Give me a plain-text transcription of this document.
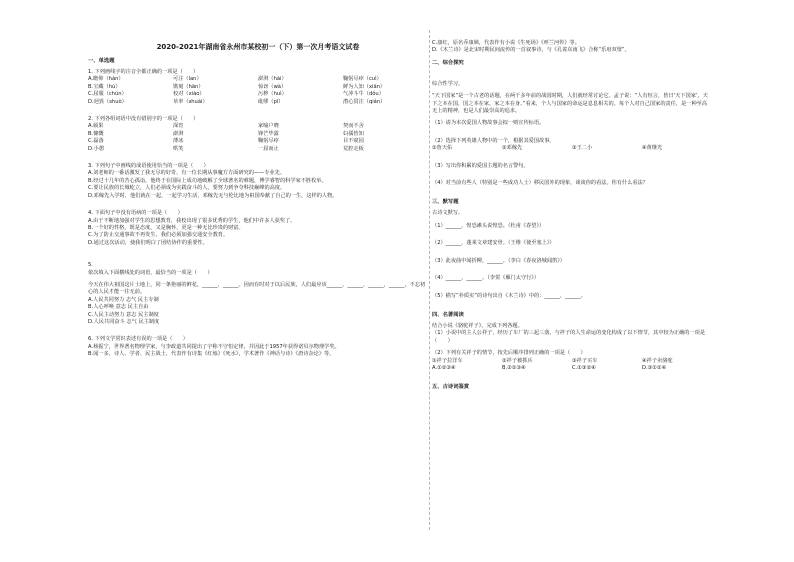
2020-2021年湖南省永州市某校初一（下）第一次月考语文试卷

一、单选题

1. 下列画线字的注音全都正确的一项是（　　）

A.瞻仰（hán）	可注（lan）	澎湃（hài）	鞠躬尽瘁（cuì）
B.宝藏（hú）	镌刻（hān）	惊讶（wà）	鲜为人知（xiān）
C.屈服（chún）	校对（xiào）	污秽（huì）	气冲斗牛（dǒu）
D.迥異（shuò）	草率（shuài）	纰缪（pī）	潜心贯注（qián）

2. 下列各组词语中没有错别字的一项是（　　）

A.硕果	深宵	家喻户晓	契而不舍
B.慷慨	澎湃	锋芒毕露	妇孺皆知
C.磊落	薄冰	鞠躬尽瘁	目不窥园
D.小憩	哄笑	一屈而止	荒腔走板

3. 下列句子中画线的成语使用恰当的一项是（　　）

A.刘老师的一番话激发了我无尽的好奇，有一位长期从事魔方方面研究的——专业先。

B.经过十几年的苦心孤诣，他终于在国际上成功地破解了全球著名的难题，博学睿智的科学家不胜枚举。

C.要让民族的长城屹立，人们必须成为实践奋斗的人，要努力到争夺科技巅峰的高度。

D.邓稼先入学时，他们就在一起，一起学习生活，邓稼先无与伦比地为祖国奉献了自己的一生，这样的人物。

4. 下面句子中没有语病的一项是（　　）

A.由于不断地加强对学生的思想教育，我校出现了很多优秀的学生，他们中许多人获奖了。

B.一个好的性格，既是态度，又是胸怀，更是一种无比珍贵的财富。

C.为了防止交通事故不再发生，我们必须加强交通安全教育。

D.通过这次活动，使我们明白了团结协作的重要性。

5.

依次填入下面横线处的词语，最恰当的一项是（　　）

今天在伟大祖国这片土地上，同一条艳丽的鲜花，______，______。因而有时对于以后民族，人们最应该______，______，______，______，不忘初心的人民才能一往无前。

A.人民共同努力 志气 民主专制

B.人心呼唤 意志 民主自由

C.人民主动努力 意志 民主制度

D.人民共同奋斗 志气 民主制度

6. 下列文学常识表述有误的一项是（　　）

A.杨振宁，世界著名物理学家，与李政道共同提出了宇称不守恒定律，并因此于1957年获得诺贝尔物理学奖。

B.闻一多，诗人、学者、民主战士，代表作有诗集《红烛》《死水》，学术著作《神话与诗》《唐诗杂论》等。

C.康红，原名乔康娣，代表作有小说《生死场》《呼兰河传》等。

D.《木兰诗》是北宋时期民间流传的一首叙事诗，与《孔雀东南飞》合称“乐府双璧”。

二、综合探究

综合性学习。

“天下国家”是一个古老的话题，在两千多年前的战国时期，人们就经常讨论它。孟子说：“人有恒言，皆曰‘天下国家’。天下之本在国，国之本在家，家之本在身。”看来，个人与国家的命运是息息相关的。每个人对自己国家的责任，是一种至高无上的精神，也是人们最崇高的追求。

（1）请为本次爱国人物故事会拟一则宣传标语。

（2）选择下列英雄人物中的一个，根据其爱国故事。

①詹天佑	②邓稼先	③王二小	④黄继光

（3）写出你积累的爱国主题的名言警句。

（4）对当前有些人（特别是一些成功人士）移民国外的现象，谈谈你的看法。你有什么看法？

三、默写题

古诗文默写。

（1）______，惶恐滩头说惶恐。（杜甫《春望》）

（2）______，蓬莱文章建安骨。（王维《使至塞上》）

（3）此夜曲中闻折柳，______。（李白《春夜洛城闻笛》）

（4）______，______。（李贺《雁门太守行》）

（5）描写“朴质实”的诗句出自《木兰诗》中的：______，______。

四、名著阅读

结合小说《骆驼祥子》，完成下列各题。

（1）小说中的主人公祥子，经历了车厂的三起三落，与祥子的人生命运的变化构成了以下情节，其中较为正确的一项是（　　）

（2）下列有关祥子的情节，按先后顺序排列正确的一项是（　　）

①祥子拉洋车	②祥子被抓兵	③祥子买车	④祥子卖骆驼
A.①②③④	B.②①③④	C.①③②④	D.③①②④

五、古诗词鉴赏
